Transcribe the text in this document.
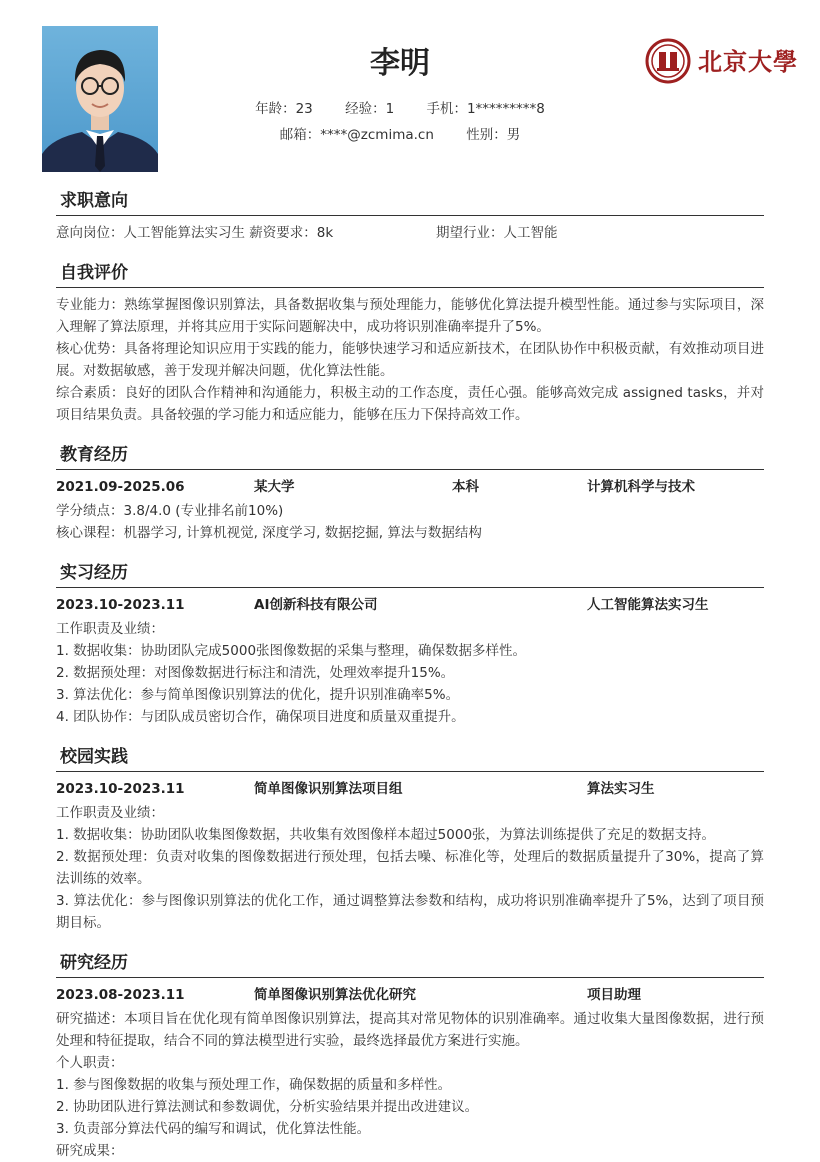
李明
年龄：23 经验：1 手机：1*********8
邮箱：****@zcmima.cn 性别：男
北京大學
求职意向
意向岗位：人工智能算法实习生 薪资要求：8k	期望行业：人工智能
自我评价
专业能力：熟练掌握图像识别算法，具备数据收集与预处理能力，能够优化算法提升模型性能。通过参与实际项目，深入理解了算法原理，并将其应用于实际问题解决中，成功将识别准确率提升了5%。
核心优势：具备将理论知识应用于实践的能力，能够快速学习和适应新技术，在团队协作中积极贡献，有效推动项目进展。对数据敏感，善于发现并解决问题，优化算法性能。
综合素质：良好的团队合作精神和沟通能力，积极主动的工作态度，责任心强。能够高效完成 assigned tasks，并对项目结果负责。具备较强的学习能力和适应能力，能够在压力下保持高效工作。
教育经历
2021.09-2025.06	某大学	本科	计算机科学与技术
学分绩点：3.8/4.0 (专业排名前10%)
核心课程：机器学习, 计算机视觉, 深度学习, 数据挖掘, 算法与数据结构
实习经历
2023.10-2023.11	AI创新科技有限公司	人工智能算法实习生
工作职责及业绩：
1. 数据收集：协助团队完成5000张图像数据的采集与整理，确保数据多样性。
2. 数据预处理：对图像数据进行标注和清洗，处理效率提升15%。
3. 算法优化：参与简单图像识别算法的优化，提升识别准确率5%。
4. 团队协作：与团队成员密切合作，确保项目进度和质量双重提升。
校园实践
2023.10-2023.11	简单图像识别算法项目组	算法实习生
工作职责及业绩：
1. 数据收集：协助团队收集图像数据，共收集有效图像样本超过5000张，为算法训练提供了充足的数据支持。
2. 数据预处理：负责对收集的图像数据进行预处理，包括去噪、标准化等，处理后的数据质量提升了30%，提高了算法训练的效率。
3. 算法优化：参与图像识别算法的优化工作，通过调整算法参数和结构，成功将识别准确率提升了5%，达到了项目预期目标。
研究经历
2023.08-2023.11	简单图像识别算法优化研究	项目助理
研究描述：本项目旨在优化现有简单图像识别算法，提高其对常见物体的识别准确率。通过收集大量图像数据，进行预处理和特征提取，结合不同的算法模型进行实验，最终选择最优方案进行实施。
个人职责：
1. 参与图像数据的收集与预处理工作，确保数据的质量和多样性。
2. 协助团队进行算法测试和参数调优，分析实验结果并提出改进建议。
3. 负责部分算法代码的编写和调试，优化算法性能。
研究成果：
